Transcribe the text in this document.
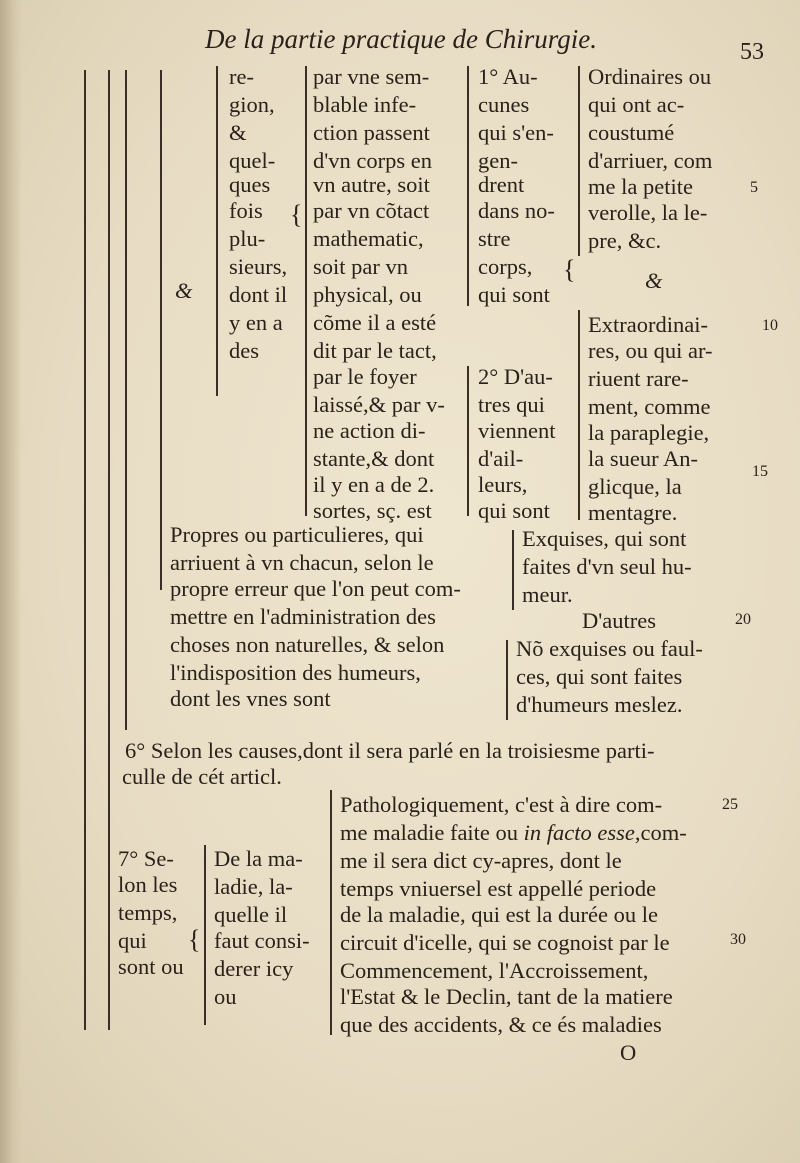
De la partie practique de Chirurgie.	53
5
10
15
20
25
30
re-
gion,
&
quel-
ques
fois
plu-
sieurs,
dont il
y en a
des
&
{
par vne sem-
blable infe-
ction passent
d'vn corps en
vn autre, soit
par vn cõtact
mathematic,
soit par vn
physical, ou
cõme il a esté
dit par le tact,
par le foyer
laissé,& par v-
ne action di-
stante,& dont
il y en a de 2.
sortes, sç. est
1° Au-
cunes
qui s'en-
gen-
drent
dans no-
stre
corps,
qui sont
2° D'au-
tres qui
viennent
d'ail-
leurs,
qui sont
{
Ordinaires ou
qui ont ac-
coustumé
d'arriuer, com
me la petite
verolle, la le-
pre, &c.
&
Extraordinai-
res, ou qui ar-
riuent rare-
ment, comme
la paraplegie,
la sueur An-
glicque, la
mentagre.
Propres ou particulieres, qui
arriuent à vn chacun, selon le
propre erreur que l'on peut com-
mettre en l'administration des
choses non naturelles, & selon
l'indisposition des humeurs,
dont les vnes sont
Exquises, qui sont
faites d'vn seul hu-
meur.
D'autres
Nõ exquises ou faul-
ces, qui sont faites
d'humeurs meslez.
6° Selon les causes,dont il sera parlé en la troisiesme parti-
culle de cét articl.
7° Se-
lon les
temps,
qui
sont ou
{
De la ma-
ladie, la-
quelle il
faut consi-
derer icy
ou
Pathologiquement, c'est à dire com-
me maladie faite ou in facto esse,com-
me il sera dict cy-apres, dont le
temps vniuersel est appellé periode
de la maladie, qui est la durée ou le
circuit d'icelle, qui se cognoist par le
Commencement, l'Accroissement,
l'Estat & le Declin, tant de la matiere
que des accidents, & ce és maladies
O
